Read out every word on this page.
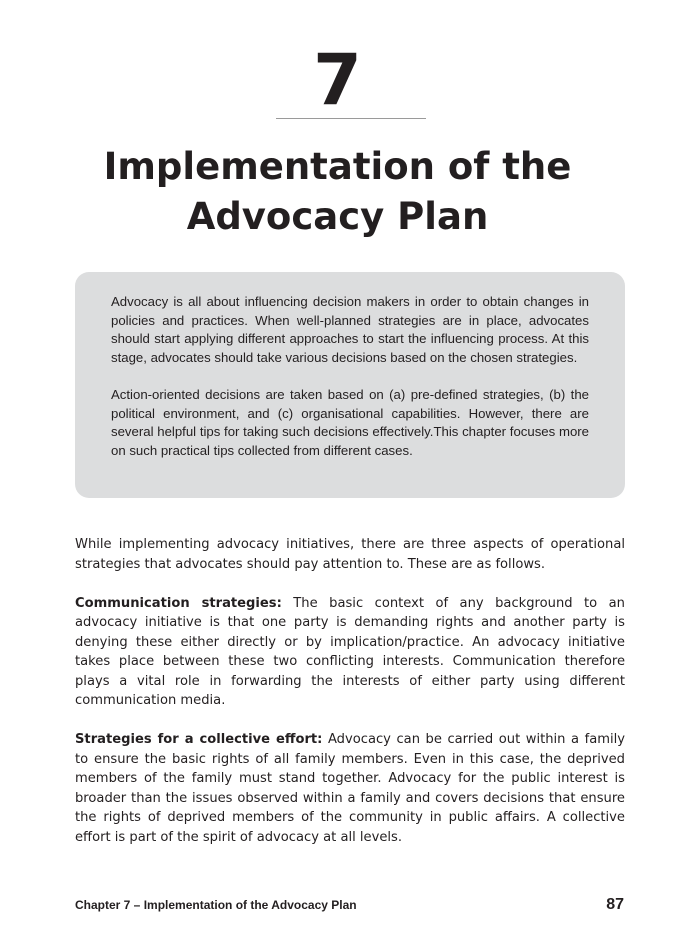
7
Implementation of the
Advocacy Plan

Advocacy is all about influencing decision makers in order to obtain changes in policies and practices. When well-planned strategies are in place, advocates should start applying different approaches to start the influencing process. At this stage, advocates should take various decisions based on the chosen strategies.

Action-oriented decisions are taken based on (a) pre-defined strategies, (b) the political environment, and (c) organisational capabilities. However, there are several helpful tips for taking such decisions effectively.This chapter focuses more on such practical tips collected from different cases.

While implementing advocacy initiatives, there are three aspects of operational strategies that advocates should pay attention to. These are as follows.

Communication strategies: The basic context of any background to an advocacy initiative is that one party is demanding rights and another party is denying these either directly or by implication/practice. An advocacy initiative takes place between these two conflicting interests. Communication therefore plays a vital role in forwarding the interests of either party using different communication media.

Strategies for a collective effort: Advocacy can be carried out within a family to ensure the basic rights of all family members. Even in this case, the deprived members of the family must stand together. Advocacy for the public interest is broader than the issues observed within a family and covers decisions that ensure the rights of deprived members of the community in public affairs. A collective effort is part of the spirit of advocacy at all levels.

Chapter 7 – Implementation of the Advocacy Plan	87
